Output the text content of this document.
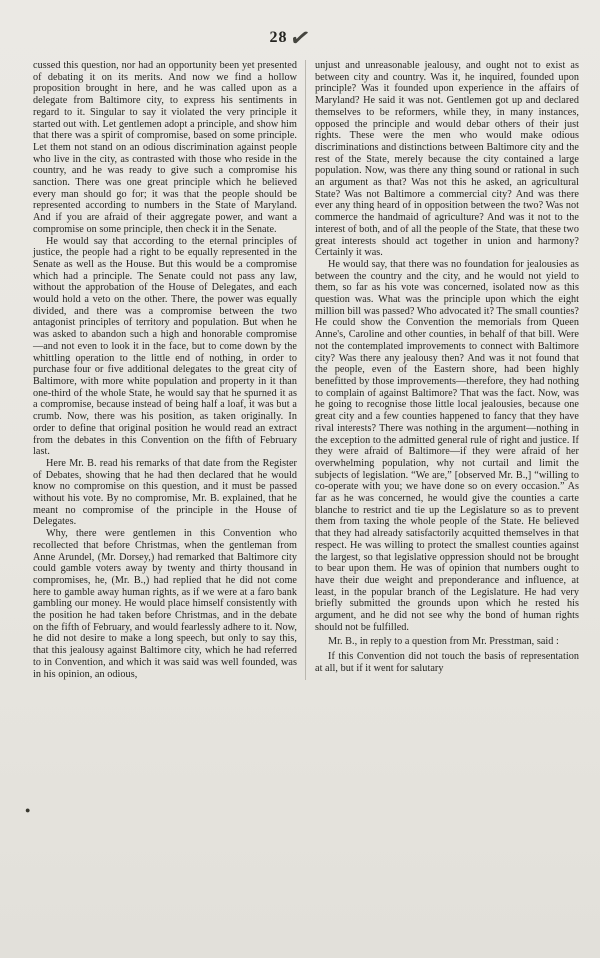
28✓
●

cussed this question, nor had an opportunity been yet presented of debating it on its merits. And now we find a hollow proposition brought in here, and he was called upon as a delegate from Baltimore city, to express his sentiments in regard to it. Singular to say it violated the very principle it started out with. Let gentlemen adopt a principle, and show him that there was a spirit of compromise, based on some principle. Let them not stand on an odious discrimination against people who live in the city, as contrasted with those who reside in the country, and he was ready to give such a compromise his sanction. There was one great principle which he believed every man should go for; it was that the people should be represented according to numbers in the State of Maryland. And if you are afraid of their aggregate power, and want a compromise on some principle, then check it in the Senate.

He would say that according to the eternal principles of justice, the people had a right to be equally represented in the Senate as well as the House. But this would be a compromise which had a principle. The Senate could not pass any law, without the approbation of the House of Delegates, and each would hold a veto on the other. There, the power was equally divided, and there was a compromise between the two antagonist principles of territory and population. But when he was asked to abandon such a high and honorable compromise—and not even to look it in the face, but to come down by the whittling operation to the little end of nothing, in order to purchase four or five additional delegates to the great city of Baltimore, with more white population and property in it than one-third of the whole State, he would say that he spurned it as a compromise, because instead of being half a loaf, it was but a crumb. Now, there was his position, as taken originally. In order to define that original position he would read an extract from the debates in this Convention on the fifth of February last.

Here Mr. B. read his remarks of that date from the Register of Debates, showing that he had then declared that he would know no compromise on this question, and it must be passed without his vote. By no compromise, Mr. B. explained, that he meant no compromise of the principle in the House of Delegates.

Why, there were gentlemen in this Convention who recollected that before Christmas, when the gentleman from Anne Arundel, (Mr. Dorsey,) had remarked that Baltimore city could gamble voters away by twenty and thirty thousand in compromises, he, (Mr. B.,) had replied that he did not come here to gamble away human rights, as if we were at a faro bank gambling our money. He would place himself consistently with the position he had taken before Christmas, and in the debate on the fifth of February, and would fearlessly adhere to it. Now, he did not desire to make a long speech, but only to say this, that this jealousy against Baltimore city, which he had referred to in Convention, and which it was said was well founded, was in his opinion, an odious,

unjust and unreasonable jealousy, and ought not to exist as between city and country. Was it, he inquired, founded upon principle? Was it founded upon experience in the affairs of Maryland? He said it was not. Gentlemen got up and declared themselves to be reformers, while they, in many instances, opposed the principle and would debar others of their just rights. These were the men who would make odious discriminations and distinctions between Baltimore city and the rest of the State, merely because the city contained a large population. Now, was there any thing sound or rational in such an argument as that? Was not this he asked, an agricultural State? Was not Baltimore a commercial city? And was there ever any thing heard of in opposition between the two? Was not commerce the handmaid of agriculture? And was it not to the interest of both, and of all the people of the State, that these two great interests should act together in union and harmony? Certainly it was.

He would say, that there was no foundation for jealousies as between the country and the city, and he would not yield to them, so far as his vote was concerned, isolated now as this question was. What was the principle upon which the eight million bill was passed? Who advocated it? The small counties? He could show the Convention the memorials from Queen Anne's, Caroline and other counties, in behalf of that bill. Were not the contemplated improvements to connect with Baltimore city? Was there any jealousy then? And was it not found that the people, even of the Eastern shore, had been highly benefitted by those improvements—therefore, they had nothing to complain of against Baltimore? That was the fact. Now, was he going to recognise those little local jealousies, because one great city and a few counties happened to fancy that they have rival interests? There was nothing in the argument—nothing in the exception to the admitted general rule of right and justice. If they were afraid of Baltimore—if they were afraid of her overwhelming population, why not curtail and limit the subjects of legislation. “We are,” [observed Mr. B.,] “willing to co-operate with you; we have done so on every occasion.” As far as he was concerned, he would give the counties a carte blanche to restrict and tie up the Legislature so as to prevent them from taxing the whole people of the State. He believed that they had already satisfactorily acquitted themselves in that respect. He was willing to protect the smallest counties against the largest, so that legislative oppression should not be brought to bear upon them. He was of opinion that numbers ought to have their due weight and preponderance and influence, at least, in the popular branch of the Legislature. He had very briefly submitted the grounds upon which he rested his argument, and he did not see why the bond of human rights should not be fulfilled.

Mr. B., in reply to a question from Mr. Presstman, said :

If this Convention did not touch the basis of representation at all, but if it went for salutary
